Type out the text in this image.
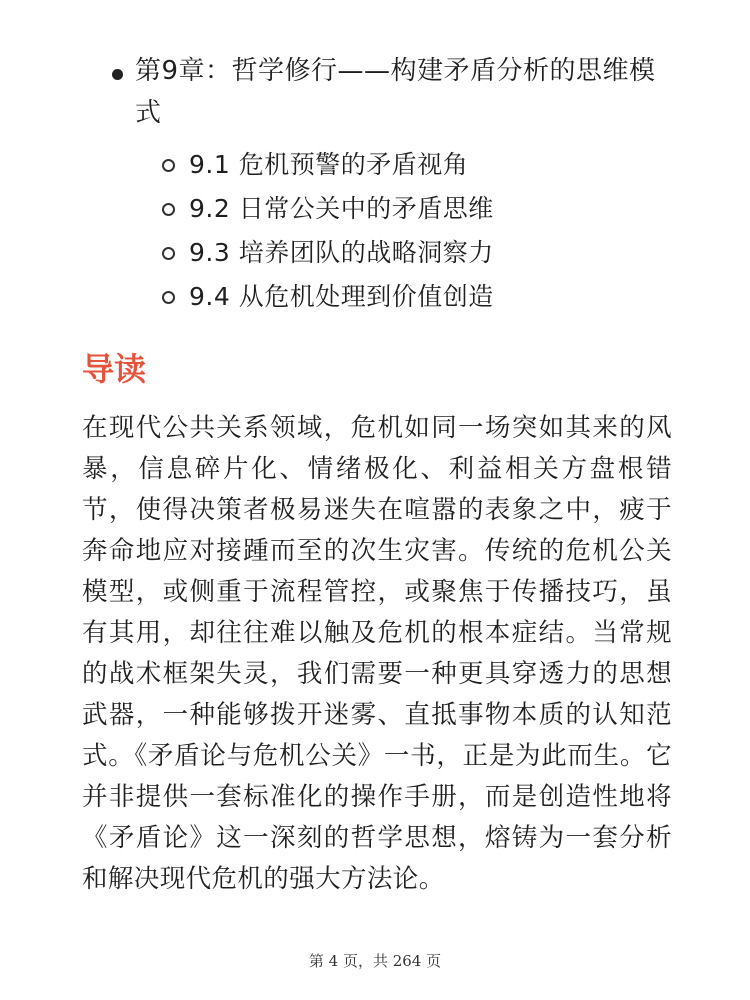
第9章：哲学修行——构建矛盾分析的思维模式
9.1 危机预警的矛盾视角
9.2 日常公关中的矛盾思维
9.3 培养团队的战略洞察力
9.4 从危机处理到价值创造
导读

在现代公共关系领域，危机如同一场突如其来的风暴，信息碎片化、情绪极化、利益相关方盘根错节，使得决策者极易迷失在喧嚣的表象之中，疲于奔命地应对接踵而至的次生灾害。传统的危机公关模型，或侧重于流程管控，或聚焦于传播技巧，虽有其用，却往往难以触及危机的根本症结。当常规的战术框架失灵，我们需要一种更具穿透力的思想武器，一种能够拨开迷雾、直抵事物本质的认知范式。《矛盾论与危机公关》一书，正是为此而生。它并非提供一套标准化的操作手册，而是创造性地将《矛盾论》这一深刻的哲学思想，熔铸为一套分析和解决现代危机的强大方法论。

第 4 页，共 264 页
